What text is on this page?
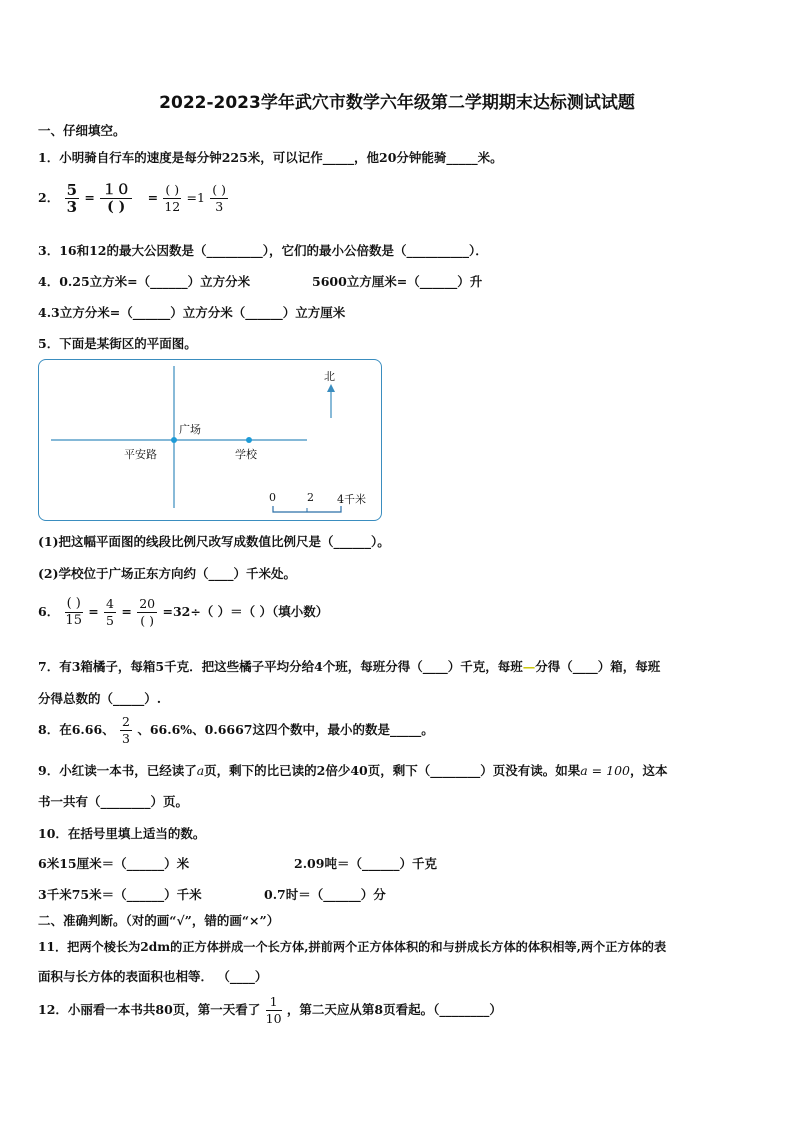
2022-2023学年武穴市数学六年级第二学期期末达标测试试题
一、仔细填空。
1．小明骑自行车的速度是每分钟225米，可以记作_____，他20分钟能骑_____米。
2． $\frac{5}{3} = \frac{10}{( )} = \frac{( )}{12} =1 \frac{( )}{3}$
3．16和12的最大公因数是（_________），它们的最小公倍数是（__________）．
4．0.25立方米=（______）立方分米	5600立方厘米=（______）升
4.3立方分米=（______）立方分米（______）立方厘米
5．下面是某街区的平面图。
北
广场
平安路	学校
0	2 4千米
(1)把这幅平面图的线段比例尺改写成数值比例尺是（______）。
(2)学校位于广场正东方向约（____）千米处。
6． $\frac{( )}{15} = \frac{4}{5} = \frac{20}{( )} =32\div$（ ）＝（ ）（填小数）
7．有3箱橘子，每箱5千克．把这些橘子平均分给4个班，每班分得（____）千克，每班—分得（____）箱，每班
分得总数的（_____）.
8．在6.66、 $\frac{2}{3}$ 、66.6%、0.6667这四个数中，最小的数是_____。
9．小红读一本书，已经读了a页，剩下的比已读的2倍少40页，剩下（________）页没有读。如果a = 100，这本
书一共有（________）页。
10．在括号里填上适当的数。
6米15厘米＝（______）米	2.09吨＝（______）千克
3千米75米＝（______）千米	0.7时＝（______）分
二、准确判断。（对的画“√”，错的画“×”）
11．把两个棱长为2dm的正方体拼成一个长方体,拼前两个正方体体积的和与拼成长方体的体积相等,两个正方体的表
面积与长方体的表面积也相等． （____）
12．小丽看一本书共80页，第一天看了 $\frac{1}{10}$ ，第二天应从第8页看起。（________）
